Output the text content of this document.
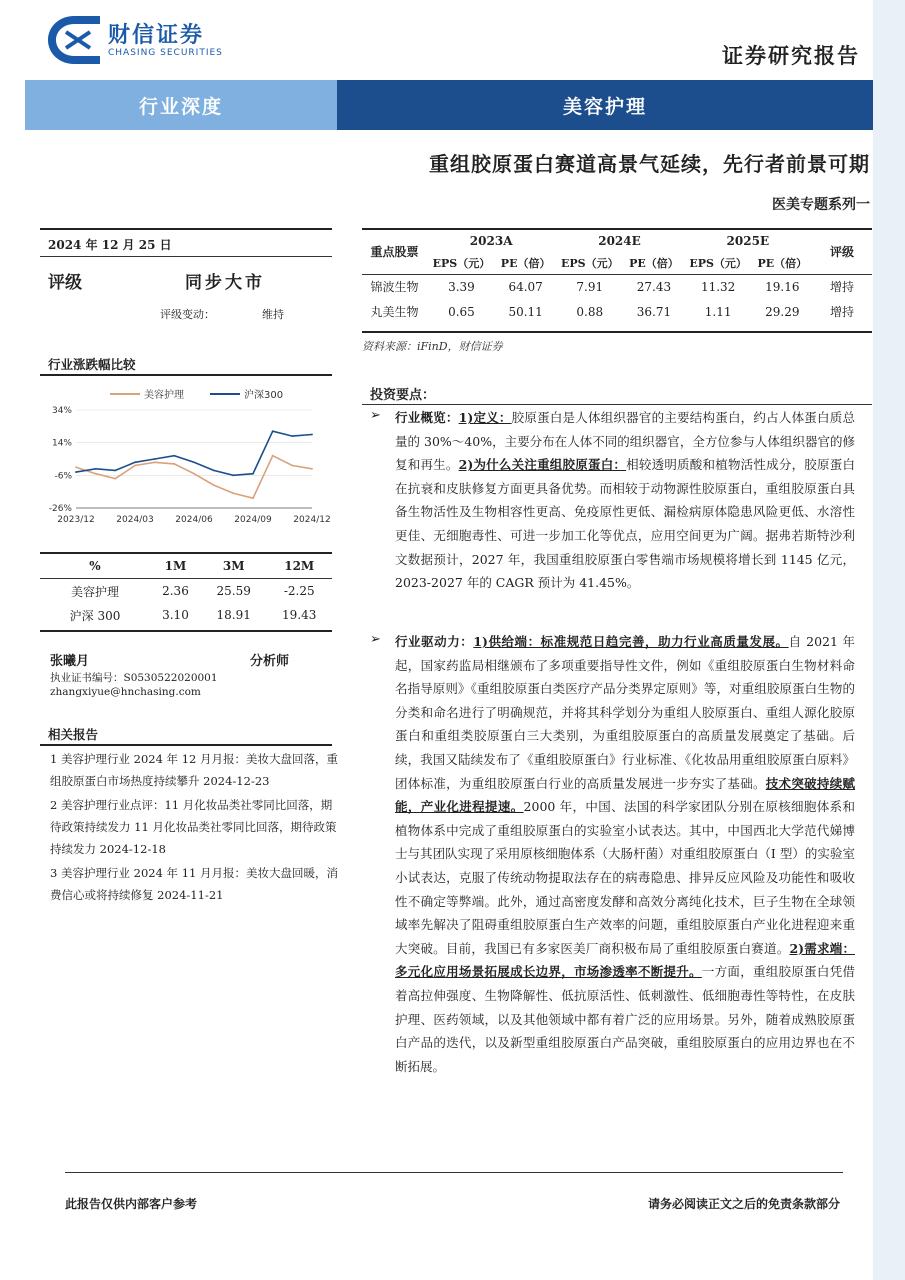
财信证券
CHASING SECURITIES	证券研究报告
行业深度	美容护理
重组胶原蛋白赛道高景气延续，先行者前景可期
医美专题系列一
2024 年 12 月 25 日
评级	同步大市
评级变动：	维持
行业涨跌幅比较
美容护理	沪深300
34%
14%
-6%
-26%
2023/12 2024/03 2024/06 2024/09 2024/12
%	1M	3M	12M
美容护理	2.36	25.59	-2.25
沪深 300	3.10	18.91	19.43
张曦月	分析师
执业证书编号：S0530522020001
zhangxiyue@hnchasing.com
相关报告

1 美容护理行业 2024 年 12 月月报：美妆大盘回落，重组胶原蛋白市场热度持续攀升 2024-12-23

2 美容护理行业点评：11 月化妆品类社零同比回落，期待政策持续发力 11 月化妆品类社零同比回落，期待政策持续发力 2024-12-18

3 美容护理行业 2024 年 11 月月报：美妆大盘回暖，消费信心或将持续修复 2024-11-21

重点股票	2023A		2024E		2025E		评级
	EPS（元）	PE（倍）	EPS（元）	PE（倍）	EPS（元）	PE（倍）	
锦波生物	3.39	64.07	7.91	27.43	11.32	19.16	增持
丸美生物	0.65	50.11	0.88	36.71	1.11	29.29	增持
资料来源：iFinD，财信证券
投资要点：
➢ 行业概览：1)定义：胶原蛋白是人体组织器官的主要结构蛋白，约占人体蛋白质总量的 30%～40%，主要分布在人体不同的组织器官，全方位参与人体组织器官的修复和再生。2)为什么关注重组胶原蛋白：相较透明质酸和植物活性成分，胶原蛋白在抗衰和皮肤修复方面更具备优势。而相较于动物源性胶原蛋白，重组胶原蛋白具备生物活性及生物相容性更高、免疫原性更低、漏检病原体隐患风险更低、水溶性更佳、无细胞毒性、可进一步加工化等优点，应用空间更为广阔。据弗若斯特沙利文数据预计，2027 年，我国重组胶原蛋白零售端市场规模将增长到 1145 亿元，2023-2027 年的 CAGR 预计为 41.45%。
➢ 行业驱动力：1)供给端：标准规范日趋完善，助力行业高质量发展。自 2021 年起，国家药监局相继颁布了多项重要指导性文件，例如《重组胶原蛋白生物材料命名指导原则》《重组胶原蛋白类医疗产品分类界定原则》等，对重组胶原蛋白生物的分类和命名进行了明确规范，并将其科学划分为重组人胶原蛋白、重组人源化胶原蛋白和重组类胶原蛋白三大类别，为重组胶原蛋白的高质量发展奠定了基础。后续，我国又陆续发布了《重组胶原蛋白》行业标准、《化妆品用重组胶原蛋白原料》团体标准，为重组胶原蛋白行业的高质量发展进一步夯实了基础。技术突破持续赋能，产业化进程提速。2000 年，中国、法国的科学家团队分别在原核细胞体系和植物体系中完成了重组胶原蛋白的实验室小试表达。其中，中国西北大学范代娣博士与其团队实现了采用原核细胞体系（大肠杆菌）对重组胶原蛋白（I 型）的实验室小试表达，克服了传统动物提取法存在的病毒隐患、排异反应风险及功能性和吸收性不确定等弊端。此外，通过高密度发酵和高效分离纯化技术，巨子生物在全球领域率先解决了阻碍重组胶原蛋白生产效率的问题，重组胶原蛋白产业化进程迎来重大突破。目前，我国已有多家医美厂商积极布局了重组胶原蛋白赛道。2)需求端：多元化应用场景拓展成长边界，市场渗透率不断提升。一方面，重组胶原蛋白凭借着高拉伸强度、生物降解性、低抗原活性、低刺激性、低细胞毒性等特性，在皮肤护理、医药领域，以及其他领域中都有着广泛的应用场景。另外，随着成熟胶原蛋白产品的迭代，以及新型重组胶原蛋白产品突破，重组胶原蛋白的应用边界也在不断拓展。
此报告仅供内部客户参考	请务必阅读正文之后的免责条款部分
